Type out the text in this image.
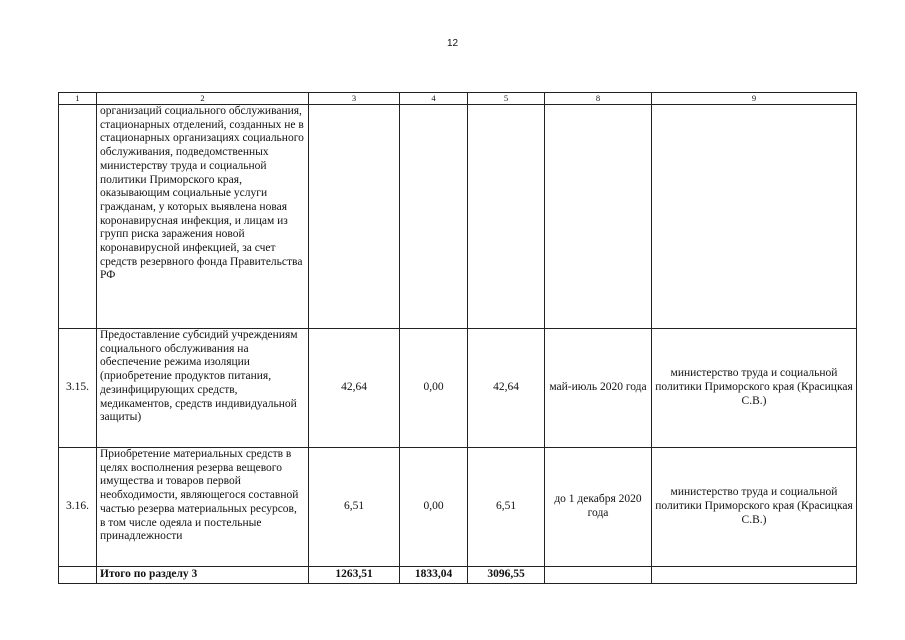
12
1	2	3	4	5	8	9
	организаций социального обслуживания, стационарных отделений, созданных не в стационарных организациях социального обслуживания, подведомственных министерству труда и социальной политики Приморского края, оказывающим социальные услуги гражданам, у которых выявлена новая коронавирусная инфекция, и лицам из групп риска заражения новой коронавирусной инфекцией, за счет средств резервного фонда Правительства РФ					
3.15.	Предоставление субсидий учреждениям социального обслуживания на обеспечение режима изоляции (приобретение продуктов питания, дезинфицирующих средств, медикаментов, средств индивидуальной защиты)	42,64	0,00	42,64	май-июль 2020 года	министерство труда и социальной политики Приморского края (Красицкая С.В.)
3.16.	Приобретение материальных средств в целях восполнения резерва вещевого имущества и товаров первой необходимости, являющегося составной частью резерва материальных ресурсов, в том числе одеяла и постельные принадлежности	6,51	0,00	6,51	до 1 декабря 2020 года	министерство труда и социальной политики Приморского края (Красицкая С.В.)
	Итого по разделу 3	1263,51	1833,04	3096,55		
